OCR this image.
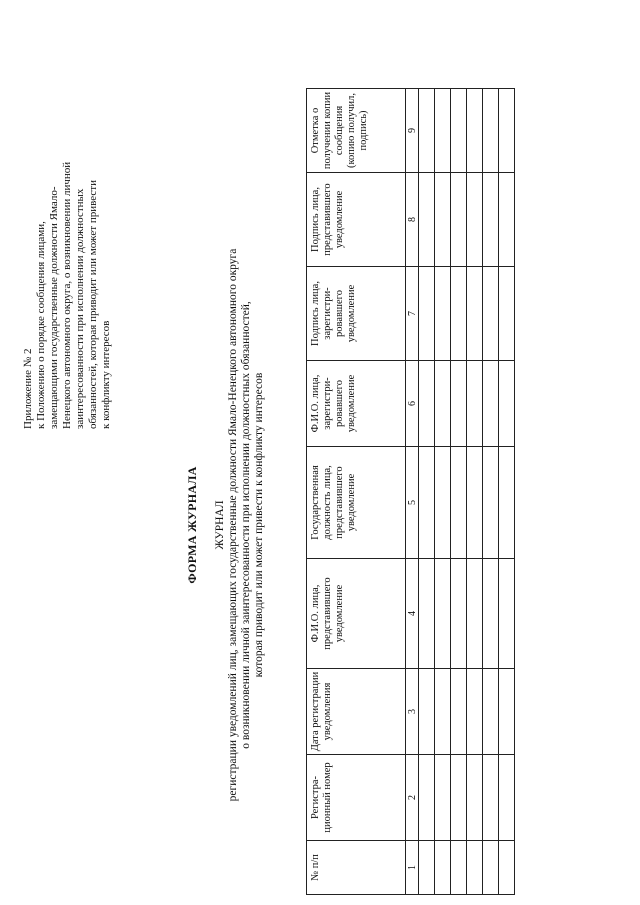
Приложение № 2 к Положению о порядке сообщения лицами, замещающими государственные должности Ямало- Ненецкого автономного округа, о возникновении личной заинтересованности при исполнении должностных обязанностей, которая приводит или может привести к конфликту интересов
ФОРМА ЖУРНАЛА ЖУРНАЛ регистрации уведомлений лиц, замещающих государственные должности Ямало-Ненецкого автономного округа о возникновении личной заинтересованности при исполнении должностных обязанностей, которая приводит или может привести к конфликту интересов
№ п/п	Регистра-ционный номер	Дата регистрации уведомления	Ф.И.О. лица, представившего уведомление	Государственная должность лица, представившего уведомление	Ф.И.О. лица, зарегистри-ровавшего уведомление	Подпись лица, зарегистри-ровавшего уведомление	Подпись лица, представившего уведомление	Отметка о получении копии сообщения (копию получил, подпись)
1	2	3	4	5	6	7	8	9
